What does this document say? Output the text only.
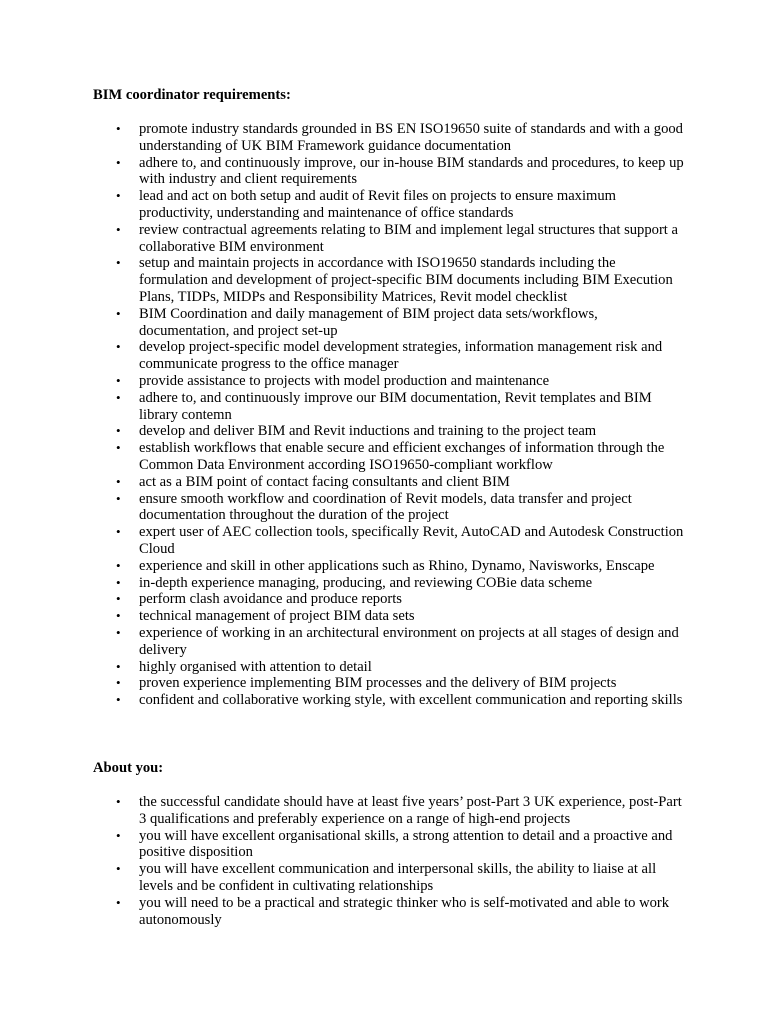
BIM coordinator requirements:

• promote industry standards grounded in BS EN ISO19650 suite of standards and with a good understanding of UK BIM Framework guidance documentation
• adhere to, and continuously improve, our in-house BIM standards and procedures, to keep up with industry and client requirements
• lead and act on both setup and audit of Revit files on projects to ensure maximum productivity, understanding and maintenance of office standards
• review contractual agreements relating to BIM and implement legal structures that support a collaborative BIM environment
• setup and maintain projects in accordance with ISO19650 standards including the formulation and development of project-specific BIM documents including BIM Execution Plans, TIDPs, MIDPs and Responsibility Matrices, Revit model checklist
• BIM Coordination and daily management of BIM project data sets/workflows, documentation, and project set-up
• develop project-specific model development strategies, information management risk and communicate progress to the office manager
• provide assistance to projects with model production and maintenance
• adhere to, and continuously improve our BIM documentation, Revit templates and BIM library contemn
• develop and deliver BIM and Revit inductions and training to the project team
• establish workflows that enable secure and efficient exchanges of information through the Common Data Environment according ISO19650-compliant workflow
• act as a BIM point of contact facing consultants and client BIM
• ensure smooth workflow and coordination of Revit models, data transfer and project documentation throughout the duration of the project
• expert user of AEC collection tools, specifically Revit, AutoCAD and Autodesk Construction Cloud
• experience and skill in other applications such as Rhino, Dynamo, Navisworks, Enscape
• in-depth experience managing, producing, and reviewing COBie data scheme
• perform clash avoidance and produce reports
• technical management of project BIM data sets
• experience of working in an architectural environment on projects at all stages of design and delivery
• highly organised with attention to detail
• proven experience implementing BIM processes and the delivery of BIM projects
• confident and collaborative working style, with excellent communication and reporting skills

About you:

• the successful candidate should have at least five years’ post-Part 3 UK experience, post-Part 3 qualifications and preferably experience on a range of high-end projects
• you will have excellent organisational skills, a strong attention to detail and a proactive and positive disposition
• you will have excellent communication and interpersonal skills, the ability to liaise at all levels and be confident in cultivating relationships
• you will need to be a practical and strategic thinker who is self-motivated and able to work autonomously
